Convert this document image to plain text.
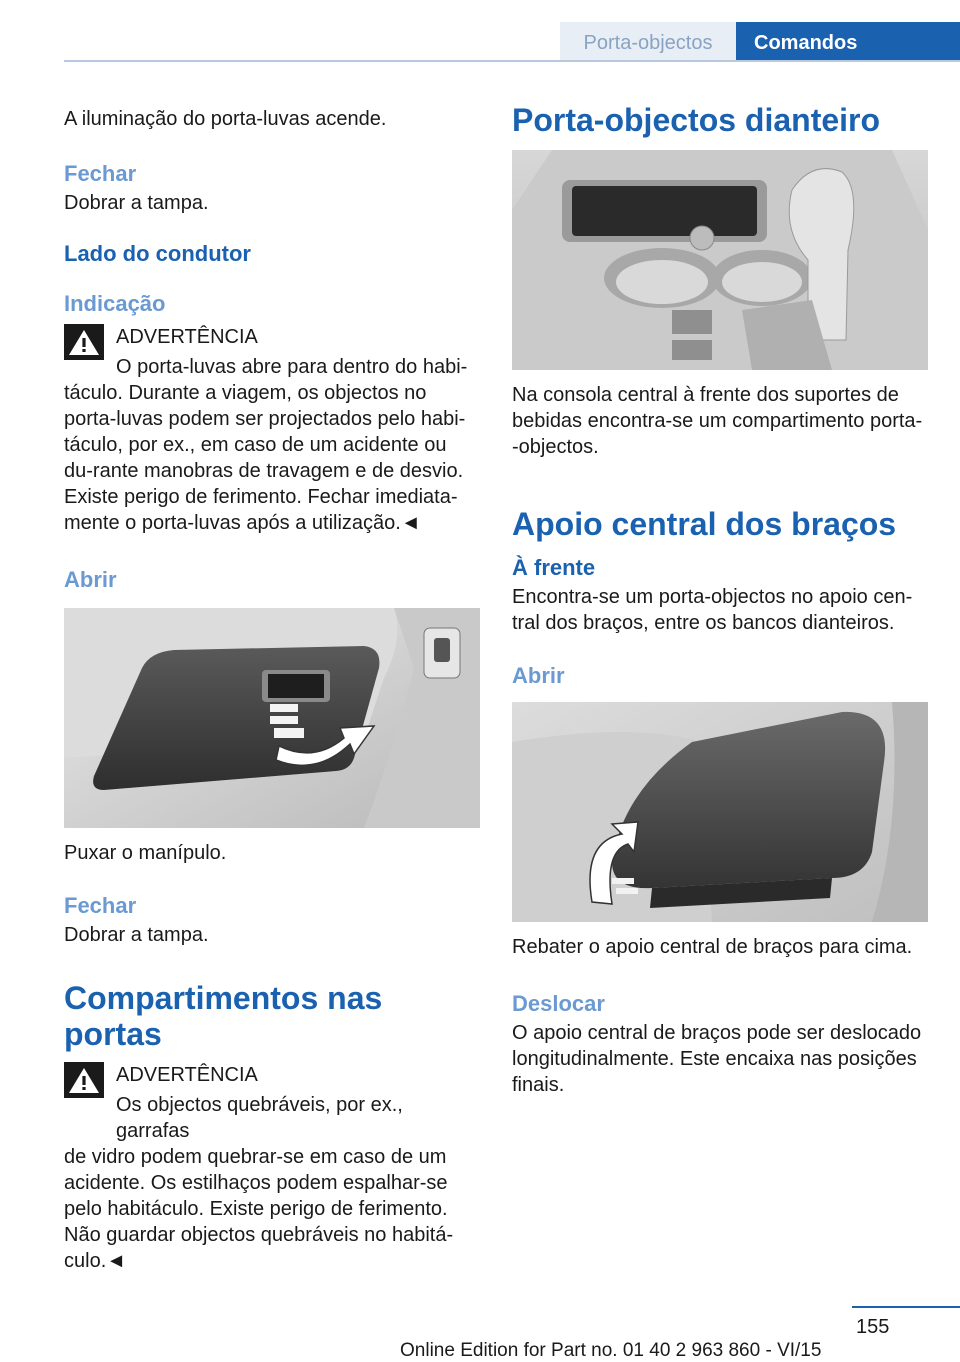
Porta-objectos	Comandos

A iluminação do porta-luvas acende.

Fechar

Dobrar a tampa.

Lado do condutor
Indicação

ADVERTÊNCIA

O porta-luvas abre para dentro do habi-

táculo. Durante a viagem, os objectos no porta-luvas podem ser projectados pelo habi-táculo, por ex., em caso de um acidente ou du-rante manobras de travagem e de desvio. Existe perigo de ferimento. Fechar imediata-mente o porta-luvas após a utilização.◄

Abrir

Puxar o manípulo.

Fechar

Dobrar a tampa.

Compartimentos nas portas

ADVERTÊNCIA

Os objectos quebráveis, por ex., garrafas

de vidro podem quebrar-se em caso de um acidente. Os estilhaços podem espalhar-se pelo habitáculo. Existe perigo de ferimento. Não guardar objectos quebráveis no habitá-culo.◄

Porta-objectos dianteiro

Na consola central à frente dos suportes de bebidas encontra-se um compartimento porta--objectos.

Apoio central dos braços
À frente

Encontra-se um porta-objectos no apoio cen-tral dos braços, entre os bancos dianteiros.

Abrir

Rebater o apoio central de braços para cima.

Deslocar

O apoio central de braços pode ser deslocado longitudinalmente. Este encaixa nas posições finais.

155
Online Edition for Part no. 01 40 2 963 860 - VI/15
